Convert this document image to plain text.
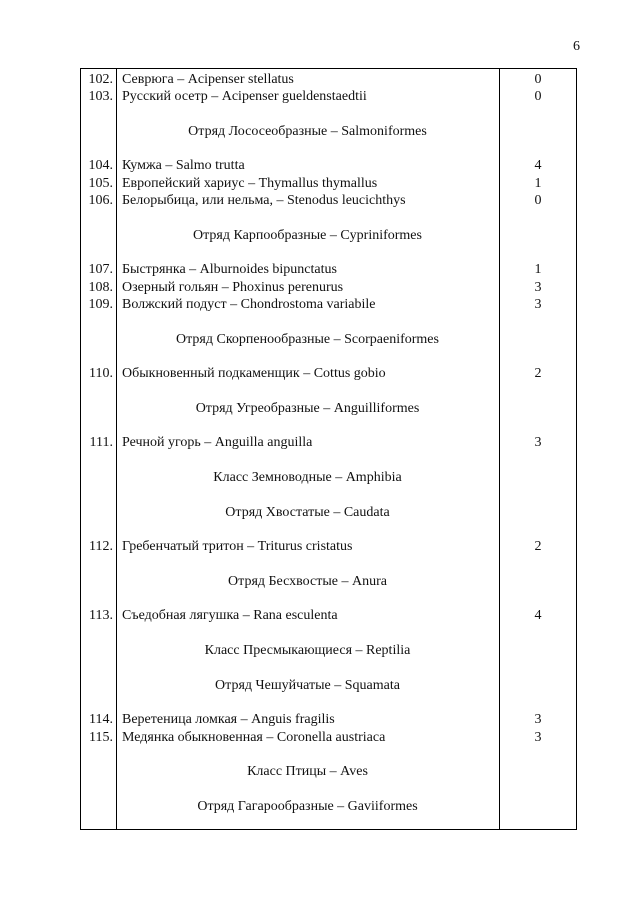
6
102. Севрюга – Acipenser stellatus	0
103. Русский осетр – Acipenser gueldenstaedtii	0
Отряд Лососеобразные – Salmoniformes
104. Кумжа – Salmo trutta	4
105. Европейский хариус – Thymallus thymallus	1
106. Белорыбица, или нельма, – Stenodus leucichthys	0
Отряд Карпообразные – Cypriniformes
107. Быстрянка – Alburnoides bipunctatus	1
108. Озерный гольян – Phoxinus perenurus	3
109. Волжский подуст – Chondrostoma variabile	3
Отряд Скорпенообразные – Scorpaeniformes
110. Обыкновенный подкаменщик – Cottus gobio	2
Отряд Угреобразные – Anguilliformes
111. Речной угорь – Anguilla anguilla	3
Класс Земноводные – Amphibia
Отряд Хвостатые – Caudata
112. Гребенчатый тритон – Triturus cristatus	2
Отряд Бесхвостые – Anura
113. Съедобная лягушка – Rana esculenta	4
Класс Пресмыкающиеся – Reptilia
Отряд Чешуйчатые – Squamata
114. Веретеница ломкая – Anguis fragilis	3
115. Медянка обыкновенная – Coronella austriaca	3
Класс Птицы – Aves
Отряд Гагарообразные – Gaviiformes
